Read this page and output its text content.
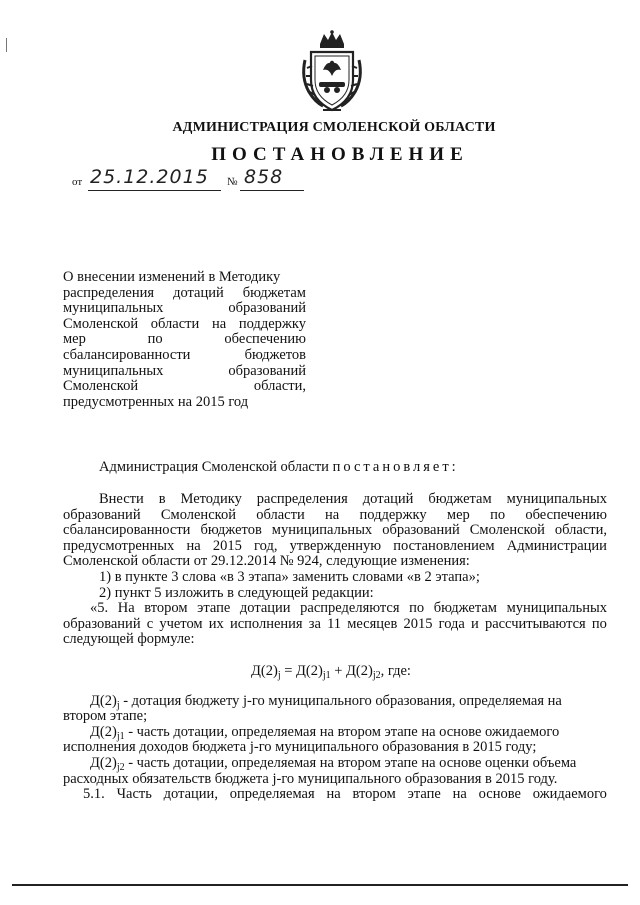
АДМИНИСТРАЦИЯ СМОЛЕНСКОЙ ОБЛАСТИ
ПОСТАНОВЛЕНИЕ
от 25.12.2015 № 858
О внесении изменений в Методику
распределения дотаций бюджетам
муниципальных	образований
Смоленской области на поддержку
мер	по	обеспечению
сбалансированности	бюджетов
муниципальных	образований
Смоленской	области,
предусмотренных на 2015 год
Администрация Смоленской области постановляет:
Внести в Методику распределения дотаций бюджетам муниципальных
образований Смоленской области на поддержку мер по обеспечению
сбалансированности бюджетов муниципальных образований Смоленской области,
предусмотренных на 2015 год, утвержденную постановлением Администрации
Смоленской области от 29.12.2014 № 924, следующие изменения:
1) в пункте 3 слова «в 3 этапа» заменить словами «в 2 этапа»;
2) пункт 5 изложить в следующей редакции:
«5. На втором этапе дотации распределяются по бюджетам муниципальных
образований с учетом их исполнения за 11 месяцев 2015 года и рассчитываются по
следующей формуле:
$Д(2)_j = Д(2)_{j1} + Д(2)_{j2}$, где:
$Д(2)_j$ - дотация бюджету j-го муниципального образования, определяемая на
втором этапе;
$Д(2)_{j1}$ - часть дотации, определяемая на втором этапе на основе ожидаемого
исполнения доходов бюджета j-го муниципального образования в 2015 году;
$Д(2)_{j2}$ - часть дотации, определяемая на втором этапе на основе оценки объема
расходных обязательств бюджета j-го муниципального образования в 2015 году.
5.1. Часть дотации, определяемая на втором этапе на основе ожидаемого
